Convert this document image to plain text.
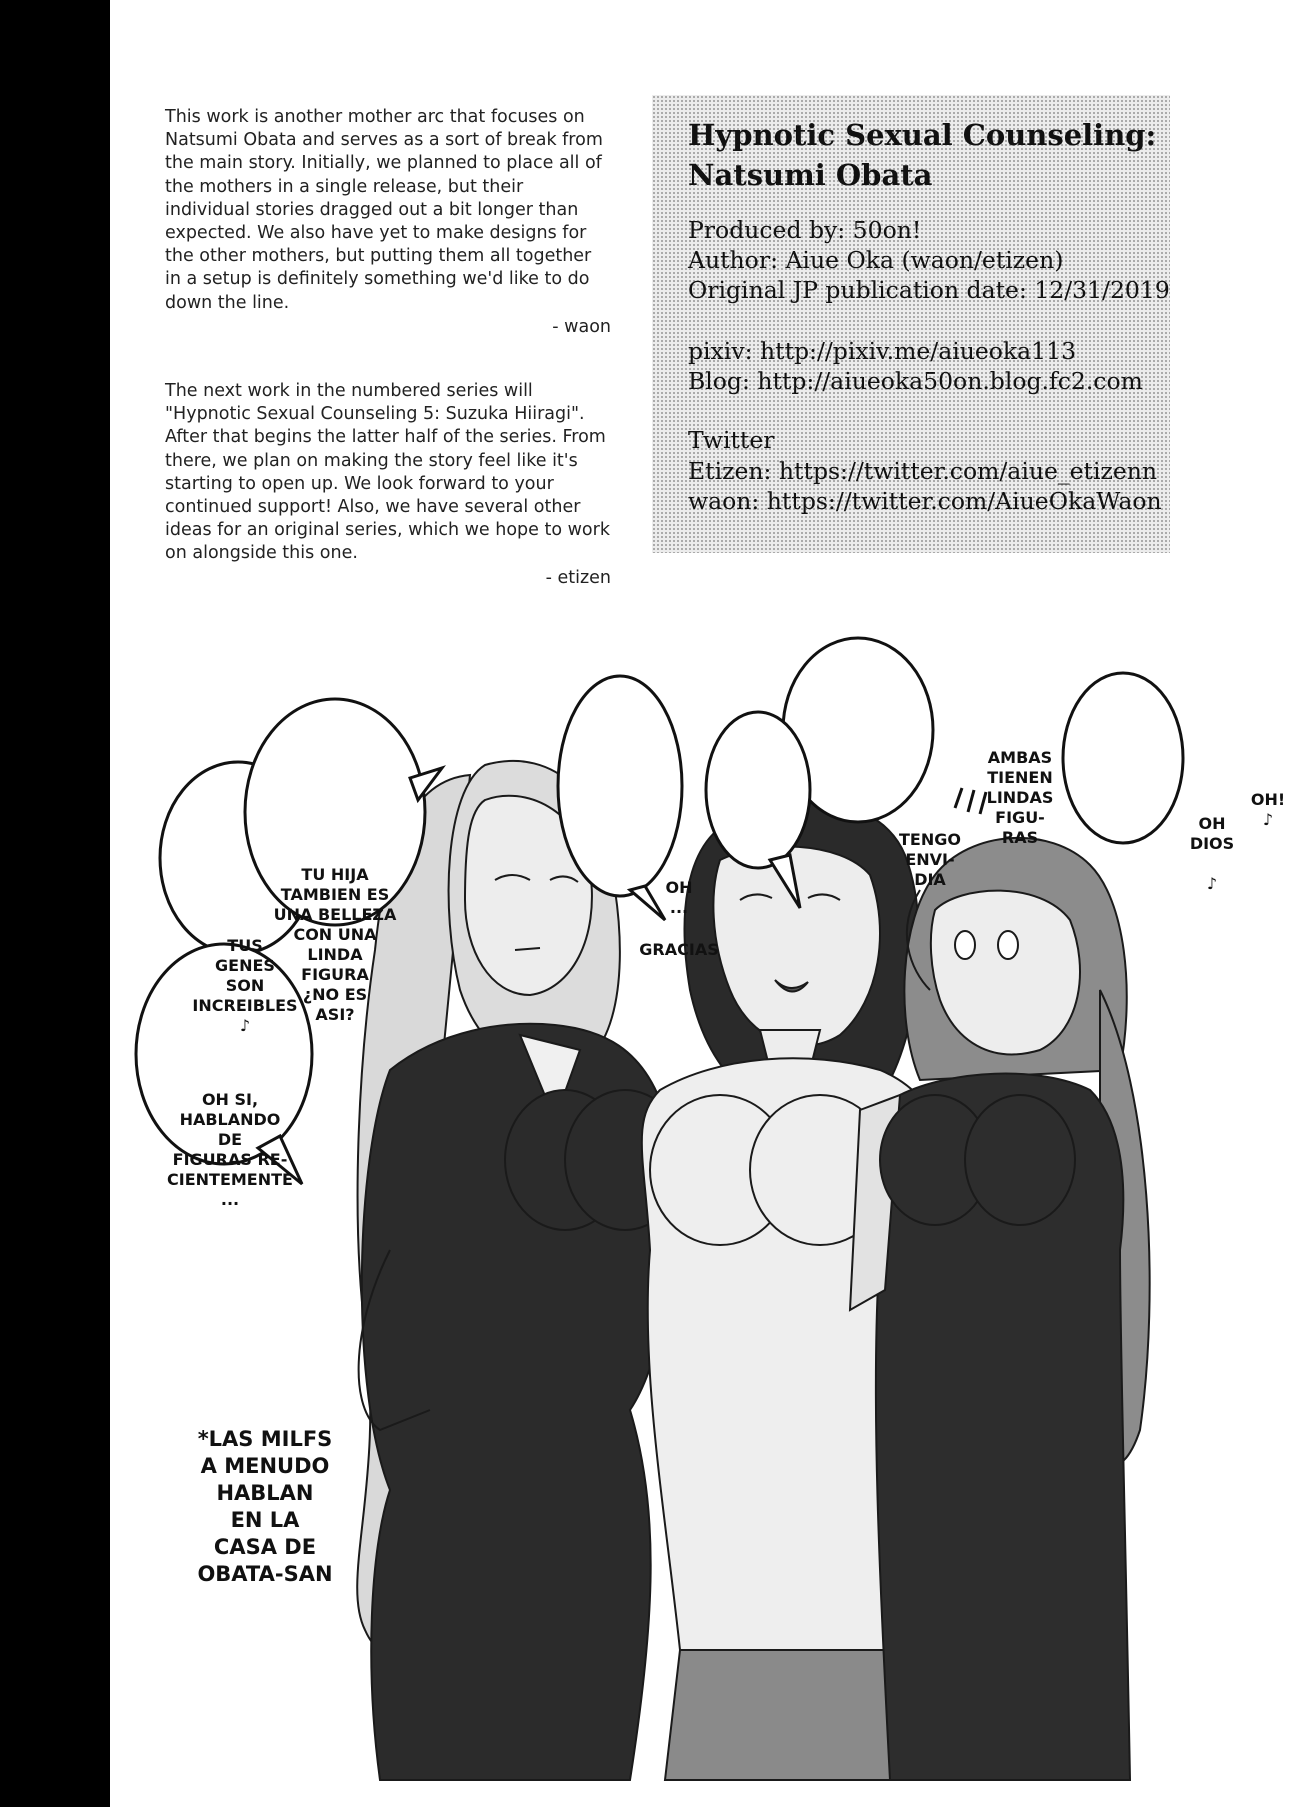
This work is another mother arc that focuses on Natsumi Obata and serves as a sort of break from the main story. Initially, we planned to place all of the mothers in a single release, but their individual stories dragged out a bit longer than expected. We also have yet to make designs for the other mothers, but putting them all together in a setup is definitely something we'd like to do down the line.

- waon

The next work in the numbered series will "Hypnotic Sexual Counseling 5: Suzuka Hiiragi". After that begins the latter half of the series. From there, we plan on making the story feel like it's starting to open up. We look forward to your continued support! Also, we have several other ideas for an original series, which we hope to work on alongside this one.

- etizen

Hypnotic Sexual Counseling:
Natsumi Obata
Produced by: 50on!
Author: Aiue Oka (waon/etizen)
Original JP publication date: 12/31/2019
pixiv: http://pixiv.me/aiueoka113
Blog: http://aiueoka50on.blog.fc2.com
Twitter
Etizen: https://twitter.com/aiue_etizenn
waon: https://twitter.com/AiueOkaWaon
TUS
GENES
SON
INCREIBLES
♪
TU HIJA
TAMBIEN ES
UNA BELLEZA
CON UNA
LINDA
FIGURA
¿NO ES
ASI?
OH SI,
HABLANDO DE
FIGURAS RE-
CIENTEMENTE
...
OH
...
GRACIAS
AMBAS
TIENEN
LINDAS
FIGU-
RAS
TENGO
ENVI-
DIA
OH!
♪
OH
DIOS

♪
*LAS MILFS
A MENUDO
HABLAN
EN LA
CASA DE
OBATA-SAN
